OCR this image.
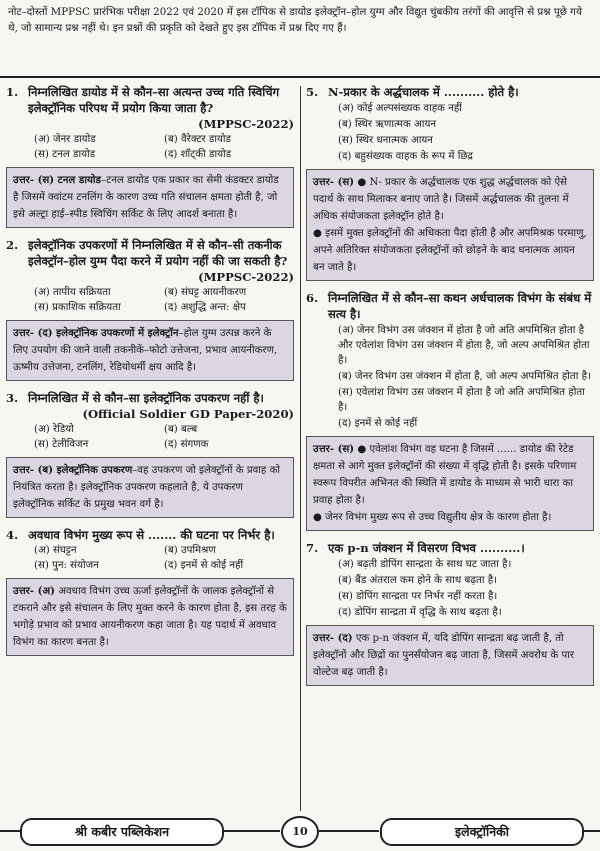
नोट–दोस्तों MPPSC प्रारंभिक परीक्षा 2022 एवं 2020 में इस टॉपिक से डायोड इलेक्ट्रॉन–होल युग्म और विद्युत चुंबकीय तरंगों की आवृत्ति से प्रश्न पूछे गये थे, जो सामान्य प्रश्न नहीं थे। इन प्रश्नों की प्रकृति को देखते हुए इस टॉपिक में प्रश्न दिए गए हैं।
1. निम्नलिखित डायोड में से कौन–सा अत्यन्त उच्च गति स्विचिंग इलेक्ट्रॉनिक परिपथ में प्रयोग किया जाता है?
(MPPSC-2022)
(अ) जेनर डायोड	(ब) वैरेक्टर डायोड
(स) टनल डायोड	(द) शॉट्की डायोड
उत्तर- (स) टनल डायोड–टनल डायोड एक प्रकार का सेमी कंडक्टर डायोड है जिसमें क्वांटम टनलिंग के कारण उच्च गति संचालन क्षमता होती है, जो इसे अल्ट्रा हाई–स्पीड स्विचिंग सर्किट के लिए आदर्श बनाता है।
2. इलेक्ट्रॉनिक उपकरणों में निम्नलिखित में से कौन–सी तकनीक इलेक्ट्रॉन–होल युग्म पैदा करने में प्रयोग नहीं की जा सकती है?
(MPPSC-2022)
(अ) तापीय सक्रियता	(ब) संघट्ट आयनीकरण
(स) प्रकाशिक सक्रियता	(द) अशुद्धि अन्त: क्षेप
उत्तर- (द) इलेक्ट्रॉनिक उपकरणों में इलेक्ट्रॉन–होल युग्म उत्पन्न करने के लिए उपयोग की जाने वाली तकनीकें–फोटो उत्तेजना, प्रभाव आयनीकरण, ऊष्मीय उत्तेजना, टनलिंग, रेडियोधर्मी क्षय आदि है।
3. निम्नलिखित में से कौन–सा इलेक्ट्रॉनिक उपकरण नहीं है।
(Official Soldier GD Paper-2020)
(अ) रेडियो	(ब) बल्ब
(स) टेलीविजन	(द) संगणक
उत्तर- (ब) इलेक्ट्रॉनिक उपकरण–वह उपकरण जो इलेक्ट्रॉनों के प्रवाह को नियंत्रित करता है। इलेक्ट्रॉनिक उपकरण कहलाते है, ये उपकरण इलेक्ट्रॉनिक सर्किट के प्रमुख भवन वर्ग है।
4. अवधाव विभंग मुख्य रूप से ....... की घटना पर निर्भर है।
(अ) संघट्टन	(ब) उपमिश्रण
(स) पुन: संयोजन	(द) इनमें से कोई नहीं
उत्तर- (अ) अवधाव विभंग उच्च ऊर्जा इलेक्ट्रॉनों के जालक इलेक्ट्रॉनों से टकराने और इसे संचालन के लिए मुक्त करने के कारण होता है, इस तरह के भगोड़े प्रभाव को प्रभाव आयनीकरण कहा जाता है। यह पदार्थ में अवधाव विभंग का कारण बनता है।
5. N-प्रकार के अर्द्धचालक में .......... होते है।
(अ) कोई अल्पसंख्यक वाहक नहीं
(ब) स्थिर ऋणात्मक आयन
(स) स्थिर धनात्मक आयन
(द) बहुसंख्यक वाहक के रूप में छिद्र
उत्तर- (स) ● N- प्रकार के अर्द्धचालक एक शुद्ध अर्द्धचालक को ऐसे पदार्थ के साथ मिलाकर बनाए जाते है। जिसमें अर्द्धचालक की तुलना में अधिक संयोजकता इलेक्ट्रॉन होते है।
● इसमें मुक्त इलेक्ट्रॉनों की अधिकता पैदा होती है और अपमिश्रक परमाणु, अपने अतिरिक्त संयोजकता इलेक्ट्रॉनों को छोड़ने के बाद धनात्मक आयन बन जाते है।
6. निम्नलिखित में से कौन–सा कथन अर्धचालक विभंग के संबंध में सत्य है।
(अ) जेनर विभंग उस जंक्शन में होता है जो अति अपमिश्रित होता है और एवेलांश विभंग उस जंक्शन में होता है, जो अल्प अपमिश्रित होता है।
(ब) जेनर विभंग उस जंक्शन में होता है, जो अल्प अपमिश्रित होता है।
(स) एवेलांश विभंग उस जंक्शन में होता है जो अति अपमिश्रित होता है।
(द) इनमें से कोई नहीं
उत्तर- (स) ● एवेलांश विभंग वह घटना है जिसमें ...... डायोड की रेटेड क्षमता से आगे मुक्त इलेक्ट्रॉनों की संख्या में वृद्धि होती है। इसके परिणाम स्वरूप विपरीत अभिनत की स्थिति में डायोड के माध्यम से भारी धारा का प्रवाह होता है।
● जेनर विभंग मुख्य रूप से उच्च विद्युतीय क्षेत्र के कारण होता है।
7. एक p-n जंक्शन में विसरण विभव ..........।
(अ) बढ़ती डोपिंग सान्द्रता के साथ घट जाता है।
(ब) बैंड अंतराल कम होने के साथ बढ़ता है।
(स) डोपिंग सान्द्रता पर निर्भर नहीं करता है।
(द) डोपिंग सान्द्रता में वृद्धि के साथ बढ़ता है।
उत्तर- (द) एक p-n जंक्शन में, यदि डोपिंग सान्द्रता बढ़ जाती है, तो इलेक्ट्रॉनों और छिद्रों का पुनर्संयोजन बढ़ जाता है, जिसमें अवरोध के पार वोल्टेज बढ़ जाती है।
श्री कबीर पब्लिकेशन	10	इलेक्ट्रॉनिकी
